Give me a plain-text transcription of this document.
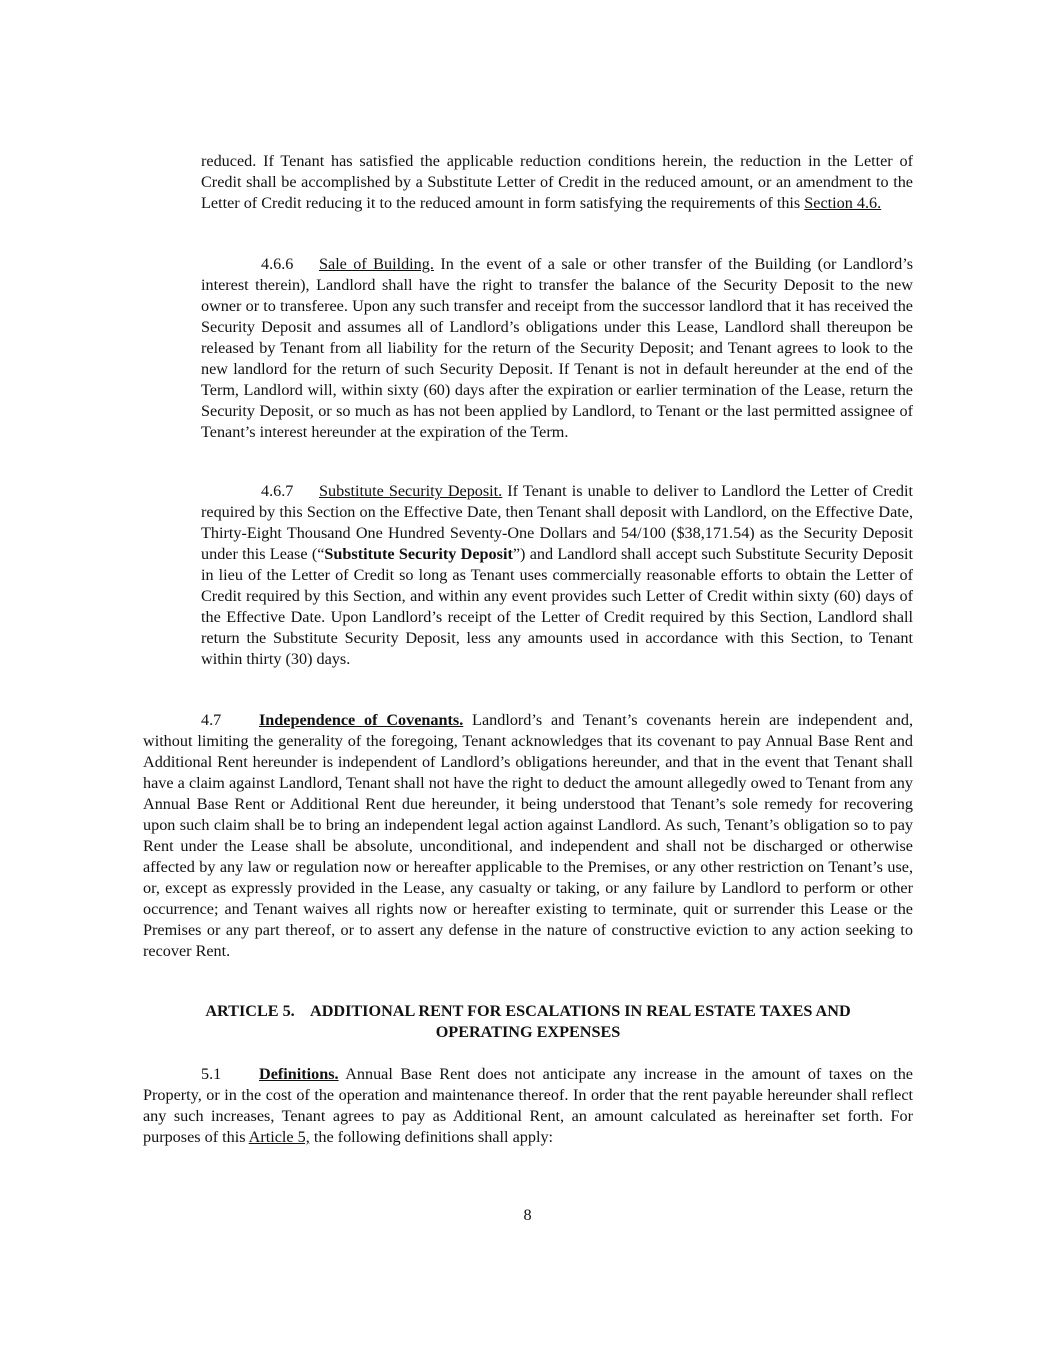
reduced. If Tenant has satisfied the applicable reduction conditions herein, the reduction in the Letter of Credit shall be accomplished by a Substitute Letter of Credit in the reduced amount, or an amendment to the Letter of Credit reducing it to the reduced amount in form satisfying the requirements of this Section 4.6.

4.6.6 Sale of Building. In the event of a sale or other transfer of the Building (or Landlord’s interest therein), Landlord shall have the right to transfer the balance of the Security Deposit to the new owner or to transferee. Upon any such transfer and receipt from the successor landlord that it has received the Security Deposit and assumes all of Landlord’s obligations under this Lease, Landlord shall thereupon be released by Tenant from all liability for the return of the Security Deposit; and Tenant agrees to look to the new landlord for the return of such Security Deposit. If Tenant is not in default hereunder at the end of the Term, Landlord will, within sixty (60) days after the expiration or earlier termination of the Lease, return the Security Deposit, or so much as has not been applied by Landlord, to Tenant or the last permitted assignee of Tenant’s interest hereunder at the expiration of the Term.

4.6.7 Substitute Security Deposit. If Tenant is unable to deliver to Landlord the Letter of Credit required by this Section on the Effective Date, then Tenant shall deposit with Landlord, on the Effective Date, Thirty-Eight Thousand One Hundred Seventy-One Dollars and 54/100 ($38,171.54) as the Security Deposit under this Lease (“Substitute Security Deposit”) and Landlord shall accept such Substitute Security Deposit in lieu of the Letter of Credit so long as Tenant uses commercially reasonable efforts to obtain the Letter of Credit required by this Section, and within any event provides such Letter of Credit within sixty (60) days of the Effective Date. Upon Landlord’s receipt of the Letter of Credit required by this Section, Landlord shall return the Substitute Security Deposit, less any amounts used in accordance with this Section, to Tenant within thirty (30) days.

4.7 Independence of Covenants. Landlord’s and Tenant’s covenants herein are independent and, without limiting the generality of the foregoing, Tenant acknowledges that its covenant to pay Annual Base Rent and Additional Rent hereunder is independent of Landlord’s obligations hereunder, and that in the event that Tenant shall have a claim against Landlord, Tenant shall not have the right to deduct the amount allegedly owed to Tenant from any Annual Base Rent or Additional Rent due hereunder, it being understood that Tenant’s sole remedy for recovering upon such claim shall be to bring an independent legal action against Landlord. As such, Tenant’s obligation so to pay Rent under the Lease shall be absolute, unconditional, and independent and shall not be discharged or otherwise affected by any law or regulation now or hereafter applicable to the Premises, or any other restriction on Tenant’s use, or, except as expressly provided in the Lease, any casualty or taking, or any failure by Landlord to perform or other occurrence; and Tenant waives all rights now or hereafter existing to terminate, quit or surrender this Lease or the Premises or any part thereof, or to assert any defense in the nature of constructive eviction to any action seeking to recover Rent.

ARTICLE 5.    ADDITIONAL RENT FOR ESCALATIONS IN REAL ESTATE TAXES AND
OPERATING EXPENSES

5.1 Definitions. Annual Base Rent does not anticipate any increase in the amount of taxes on the Property, or in the cost of the operation and maintenance thereof. In order that the rent payable hereunder shall reflect any such increases, Tenant agrees to pay as Additional Rent, an amount calculated as hereinafter set forth. For purposes of this Article 5, the following definitions shall apply:

8
